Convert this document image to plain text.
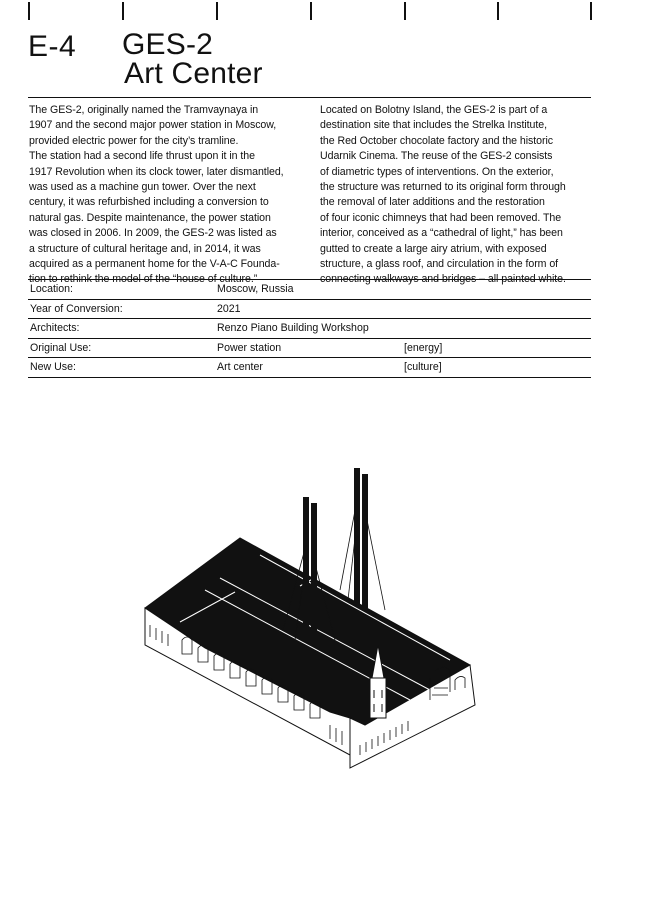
E-4 GES-2
Art Center
The GES-2, originally named the Tramvaynaya in
1907 and the second major power station in Moscow,
provided electric power for the city’s tramline.
The station had a second life thrust upon it in the
1917 Revolution when its clock tower, later dismantled,
was used as a machine gun tower. Over the next
century, it was refurbished including a conversion to
natural gas. Despite maintenance, the power station
was closed in 2006. In 2009, the GES-2 was listed as
a structure of cultural heritage and, in 2014, it was
acquired as a permanent home for the V-A-C Founda-
tion to rethink the model of the “house of culture.”
Located on Bolotny Island, the GES-2 is part of a
destination site that includes the Strelka Institute,
the Red October chocolate factory and the historic
Udarnik Cinema. The reuse of the GES-2 consists
of diametric types of interventions. On the exterior,
the structure was returned to its original form through
the removal of later additions and the restoration
of four iconic chimneys that had been removed. The
interior, conceived as a “cathedral of light,” has been
gutted to create a large airy atrium, with exposed
structure, a glass roof, and circulation in the form of
connecting walkways and bridges – all painted white.
Location:	Moscow, Russia
Year of Conversion:	2021
Architects:	Renzo Piano Building Workshop
Original Use:	Power station	[energy]
New Use:	Art center	[culture]
